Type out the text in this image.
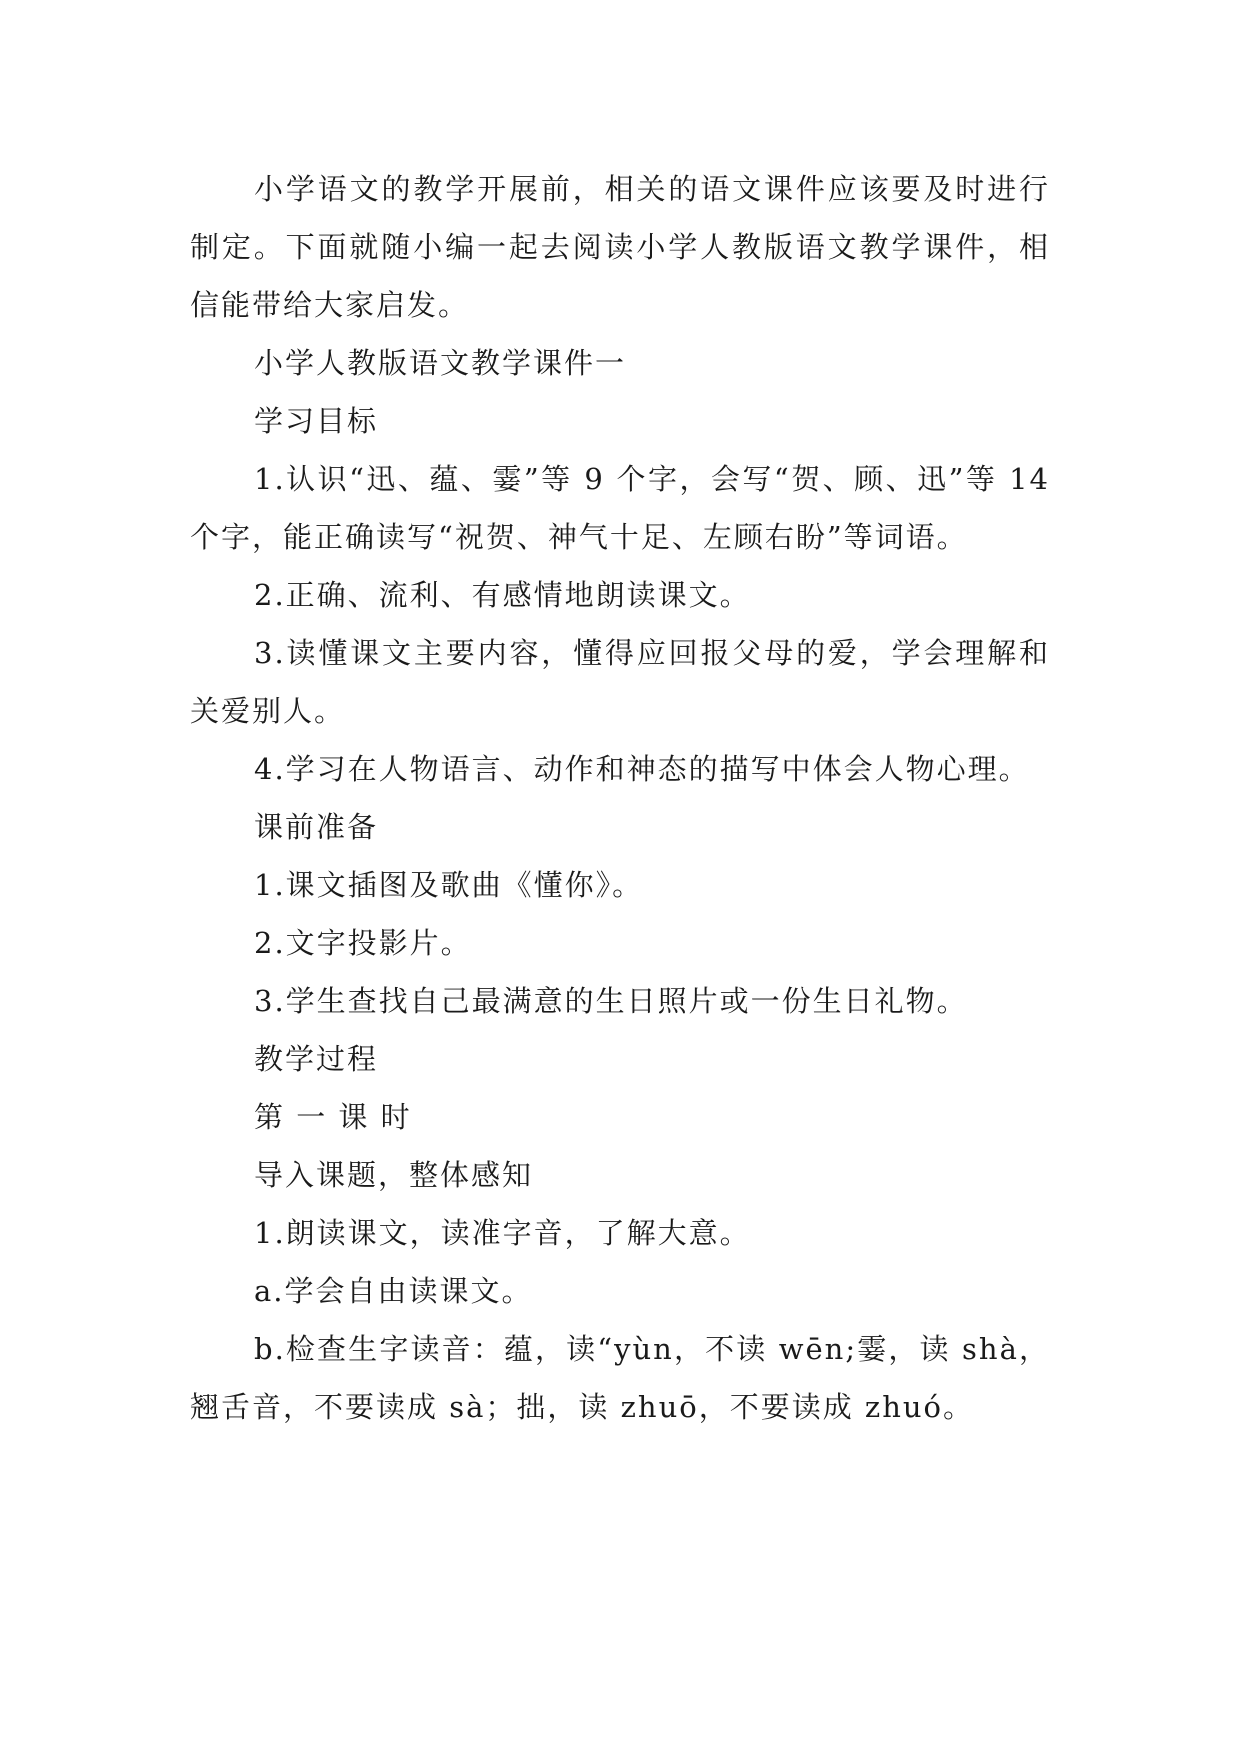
小学语文的教学开展前，相关的语文课件应该要及时进行制定。下面就随小编一起去阅读小学人教版语文教学课件，相信能带给大家启发。

小学人教版语文教学课件一

学习目标

1.认识“迅、蕴、霎”等 9 个字，会写“贺、顾、迅”等 14 个字，能正确读写“祝贺、神气十足、左顾右盼”等词语。

2.正确、流利、有感情地朗读课文。

3.读懂课文主要内容，懂得应回报父母的爱，学会理解和关爱别人。

4.学习在人物语言、动作和神态的描写中体会人物心理。

课前准备

1.课文插图及歌曲《懂你》。

2.文字投影片。

3.学生查找自己最满意的生日照片或一份生日礼物。

教学过程

第 一 课 时

导入课题，整体感知

1.朗读课文，读准字音，了解大意。

a.学会自由读课文。

b.检查生字读音：蕴，读“yùn，不读 wēn;霎，读 shà，翘舌音，不要读成 sà；拙，读 zhuō，不要读成 zhuó。
